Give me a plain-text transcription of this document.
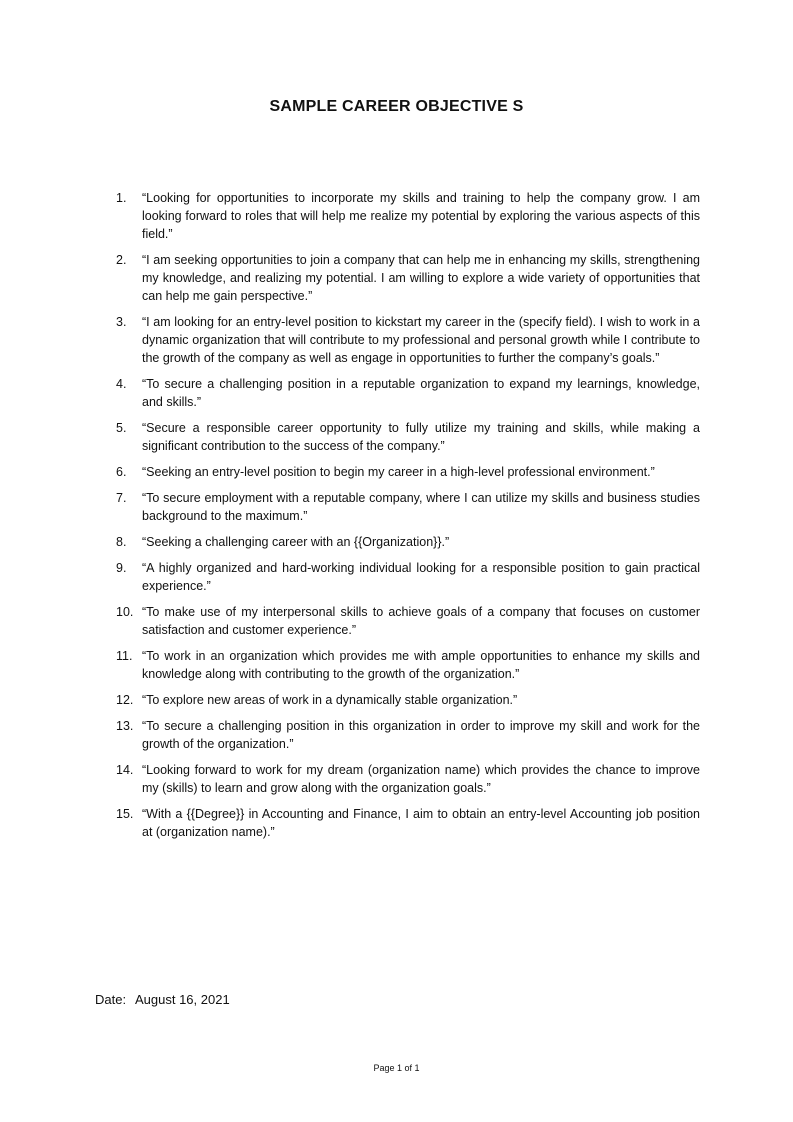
SAMPLE CAREER OBJECTIVE S
1.	“Looking for opportunities to incorporate my skills and training to help the company grow. I am looking forward to roles that will help me realize my potential by exploring the various aspects of this field.”
2.	“I am seeking opportunities to join a company that can help me in enhancing my skills, strengthening my knowledge, and realizing my potential. I am willing to explore a wide variety of opportunities that can help me gain perspective.”
3.	“I am looking for an entry-level position to kickstart my career in the (specify field). I wish to work in a dynamic organization that will contribute to my professional and personal growth while I contribute to the growth of the company as well as engage in opportunities to further the company’s goals.”
4.	“To secure a challenging position in a reputable organization to expand my learnings, knowledge, and skills.”
5.	“Secure a responsible career opportunity to fully utilize my training and skills, while making a significant contribution to the success of the company.”
6.	“Seeking an entry-level position to begin my career in a high-level professional environment.”
7.	“To secure employment with a reputable company, where I can utilize my skills and business studies background to the maximum.”
8.	“Seeking a challenging career with an {{Organization}}.”
9.	“A highly organized and hard-working individual looking for a responsible position to gain practical experience.”
10. “To make use of my interpersonal skills to achieve goals of a company that focuses on customer satisfaction and customer experience.”
11. “To work in an organization which provides me with ample opportunities to enhance my skills and knowledge along with contributing to the growth of the organization.”
12. “To explore new areas of work in a dynamically stable organization.”
13. “To secure a challenging position in this organization in order to improve my skill and work for the growth of the organization.”
14. “Looking forward to work for my dream (organization name) which provides the chance to improve my (skills) to learn and grow along with the organization goals.”
15. “With a {{Degree}} in Accounting and Finance, I aim to obtain an entry-level Accounting job position at (organization name).”
Date: August 16, 2021
Page 1 of 1
